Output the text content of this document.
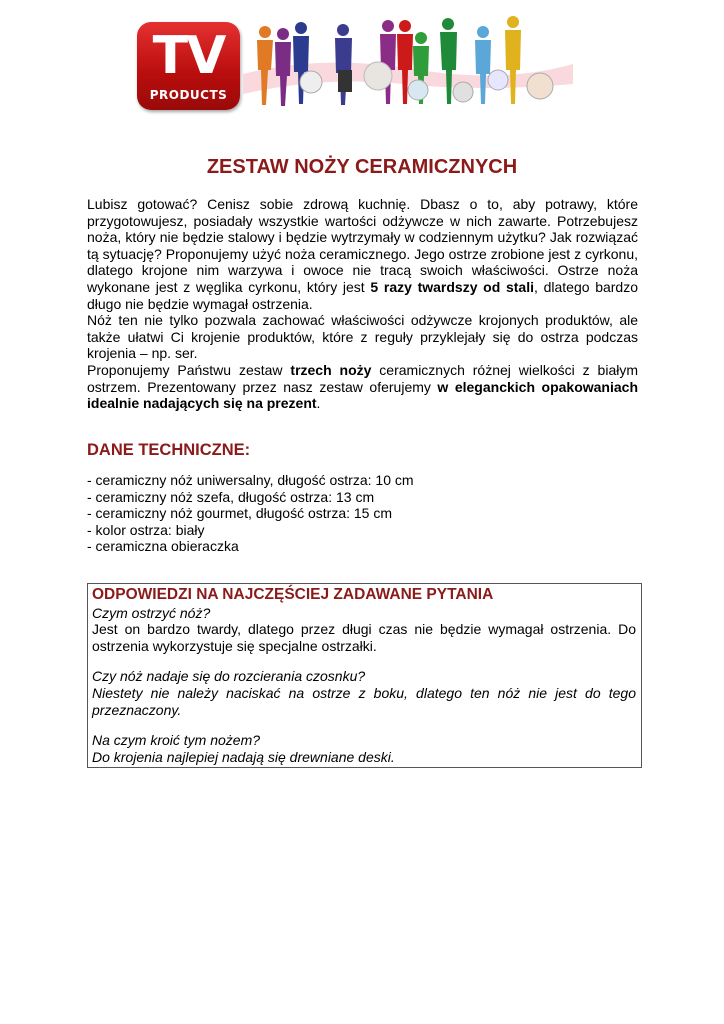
TV
PRODUCTS
ZESTAW NOŻY CERAMICZNYCH

Lubisz gotować? Cenisz sobie zdrową kuchnię. Dbasz o to, aby potrawy, które przygotowujesz, posiadały wszystkie wartości odżywcze w nich zawarte. Potrzebujesz noża, który nie będzie stalowy i będzie wytrzymały w codziennym użytku? Jak rozwiązać tą sytuację? Proponujemy użyć noża ceramicznego. Jego ostrze zrobione jest z cyrkonu, dlatego krojone nim warzywa i owoce nie tracą swoich właściwości. Ostrze noża wykonane jest z węglika cyrkonu, który jest 5 razy twardszy od stali, dlatego bardzo długo nie będzie wymagał ostrzenia.

Nóż ten nie tylko pozwala zachować właściwości odżywcze krojonych produktów, ale także ułatwi Ci krojenie produktów, które z reguły przyklejały się do ostrza podczas krojenia – np. ser.

Proponujemy Państwu zestaw trzech noży ceramicznych różnej wielkości z białym ostrzem. Prezentowany przez nasz zestaw oferujemy w eleganckich opakowaniach idealnie nadających się na prezent.

DANE TECHNICZNE:
- ceramiczny nóż uniwersalny, długość ostrza: 10 cm
- ceramiczny nóż szefa, długość ostrza: 13 cm
- ceramiczny nóż gourmet, długość ostrza: 15 cm
- kolor ostrza: biały
- ceramiczna obieraczka
ODPOWIEDZI NA NAJCZĘŚCIEJ ZADAWANE PYTANIA

Czym ostrzyć nóż?

Jest on bardzo twardy, dlatego przez długi czas nie będzie wymagał ostrzenia. Do ostrzenia wykorzystuje się specjalne ostrzałki.

Czy nóż nadaje się do rozcierania czosnku?

Niestety nie należy naciskać na ostrze z boku, dlatego ten nóż nie jest do tego przeznaczony.

Na czym kroić tym nożem?

Do krojenia najlepiej nadają się drewniane deski.
